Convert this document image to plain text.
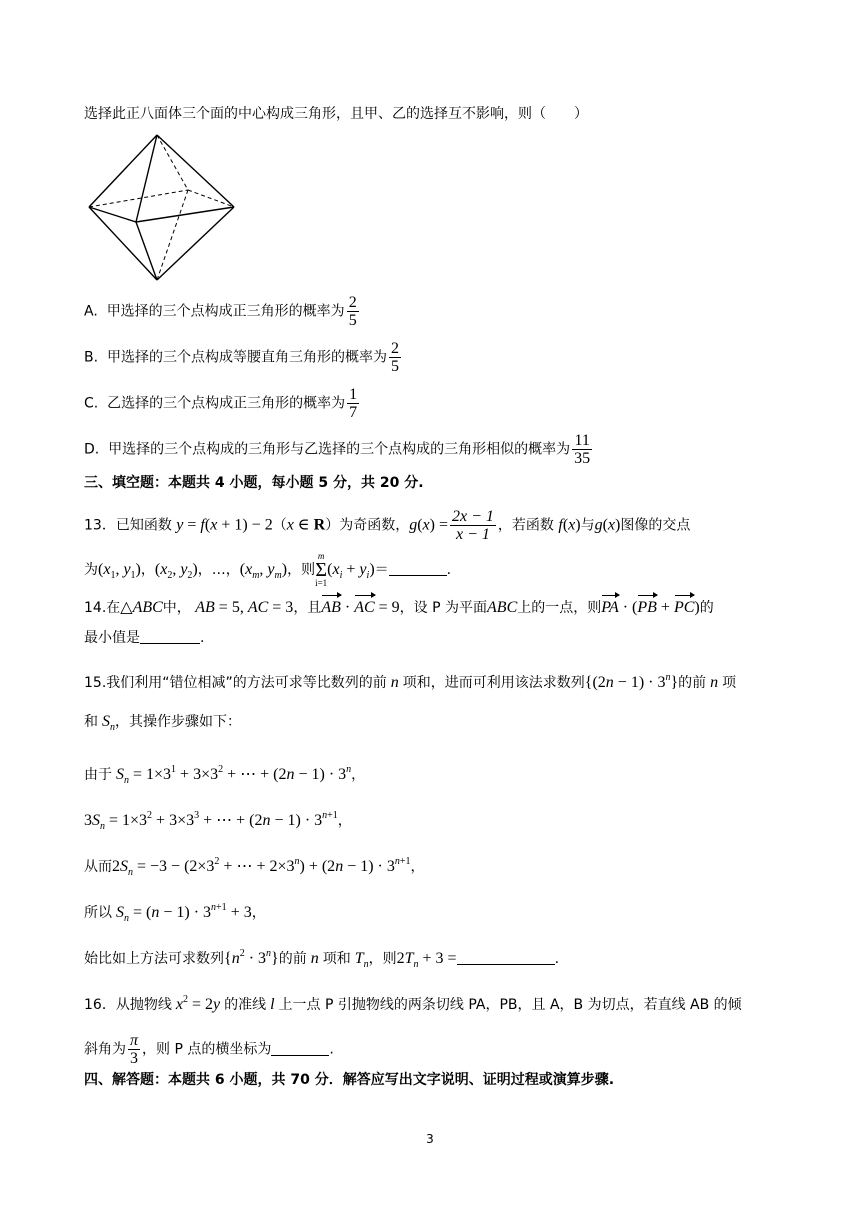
选择此正八面体三个面的中心构成三角形，且甲、乙的选择互不影响，则（　　）
A. 甲选择的三个点构成正三角形的概率为 $\frac{2}{5}$
B. 甲选择的三个点构成等腰直角三角形的概率为 $\frac{2}{5}$
C. 乙选择的三个点构成正三角形的概率为 $\frac{1}{7}$
D. 甲选择的三个点构成的三角形与乙选择的三个点构成的三角形相似的概率为 $\frac{11}{35}$
三、填空题：本题共 4 小题，每小题 5 分，共 20 分.
13．已知函数 y = f(x + 1) − 2（x ∈ R）为奇函数，$g(x) = \frac{2x - 1}{x - 1}$ ，若函数 f(x)与g(x)图像的交点
为($x_1$, $y_1$)，($x_2$, $y_2$)，…，($x_m$, $y_m$)，则
m
Σ
i=1
$(x_i + y_i)=$	.
14.在△ABC中， AB = 5, AC = 3，且AB · AC = 9，设 P 为平面ABC上的一点，则PA · (PB + PC)的
最小值是	.
15.我们利用“错位相减”的方法可求等比数列的前 n 项和，进而可利用该法求数列$\{(2n - 1) \cdot 3^n\}$的前 n 项
和 $S_n$，其操作步骤如下：
由于 $S_n = 1\times 3^1 + 3\times 3^2$ + ⋯ + $(2n - 1) \cdot 3^n$，
$3S_n = 1\times 3^2 + 3\times 3^3$ + ⋯ + $(2n - 1) \cdot 3^{n+1}$，
从而$2S_n = -3 - (2\times 3^2$ + ⋯ + $2\times 3^n) + (2n - 1) \cdot 3^{n+1}$，
所以 $S_n = (n - 1) \cdot 3^{n+1} + 3$，
始比如上方法可求数列$\{n^2 \cdot 3^n\}$的前 n 项和 $T_n$，则$2T_n + 3$ =	.
16．从抛物线 $x^2 = 2y$ 的准线 l 上一点 P 引抛物线的两条切线 PA，PB，且 A，B 为切点，若直线 AB 的倾
斜角为 $\frac{\pi}{3}$ ，则 P 点的横坐标为	.
四、解答题：本题共 6 小题，共 70 分．解答应写出文字说明、证明过程或演算步骤.
3
